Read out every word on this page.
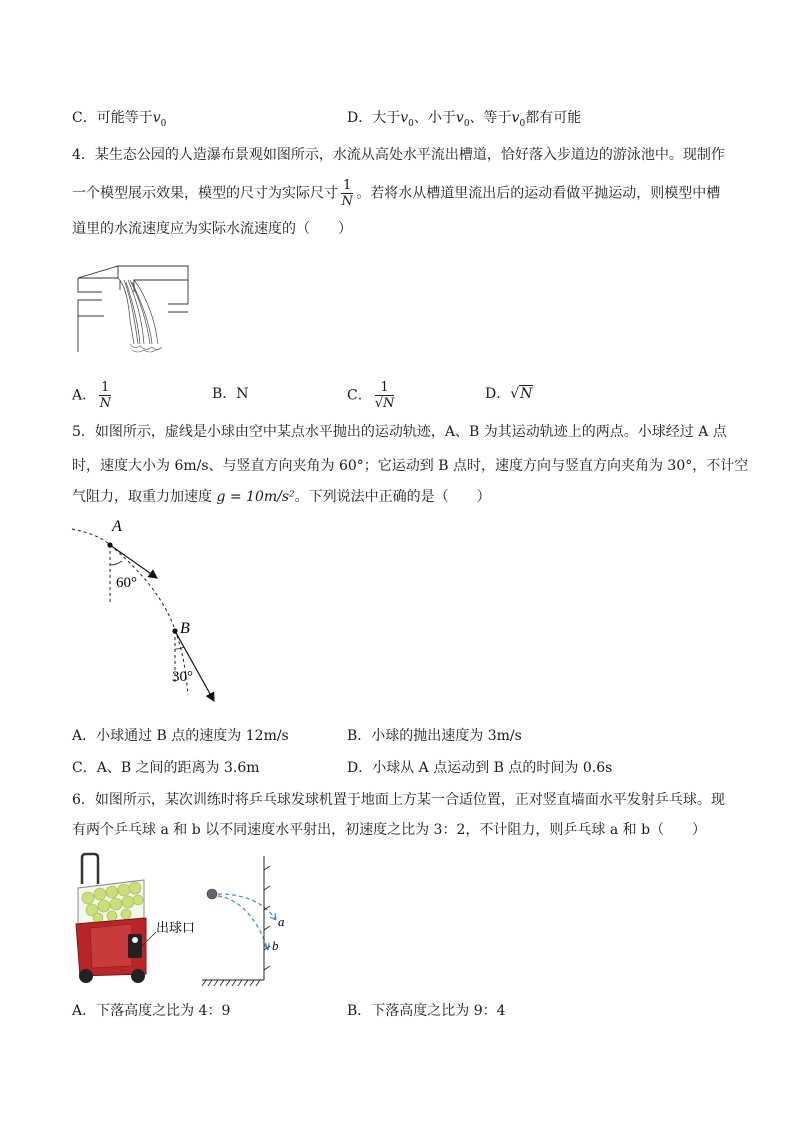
C．可能等于$v_0$	D．大于$v_0$、小于$v_0$、等于$v_0$都有可能
4．某生态公园的人造瀑布景观如图所示，水流从高处水平流出槽道，恰好落入步道边的游泳池中。现制作
一个模型展示效果，模型的尺寸为实际尺寸 $\frac{1}{N}$ 。若将水从槽道里流出后的运动看做平抛运动，则模型中槽
道里的水流速度应为实际水流速度的（　　）
A． $\frac{1}{N}$	B．N	C． $\frac{1}{√N}$	D．√N
5．如图所示，虚线是小球由空中某点水平抛出的运动轨迹，A、B 为其运动轨迹上的两点。小球经过 A 点
时，速度大小为 6m/s、与竖直方向夹角为 60°；它运动到 B 点时，速度方向与竖直方向夹角为 30°，不计空
气阻力，取重力加速度 g = 10m/s²。下列说法中正确的是（　　）
A
60°
B
30°
A．小球通过 B 点的速度为 12m/s	B．小球的抛出速度为 3m/s
C．A、B 之间的距离为 3.6m	D．小球从 A 点运动到 B 点的时间为 0.6s
6．如图所示，某次训练时将乒乓球发球机置于地面上方某一合适位置，正对竖直墙面水平发射乒乓球。现
有两个乒乓球 a 和 b 以不同速度水平射出，初速度之比为 3：2，不计阻力，则乒乓球 a 和 b（　　）
出球口	a
b
A．下落高度之比为 4：9	B．下落高度之比为 9：4
